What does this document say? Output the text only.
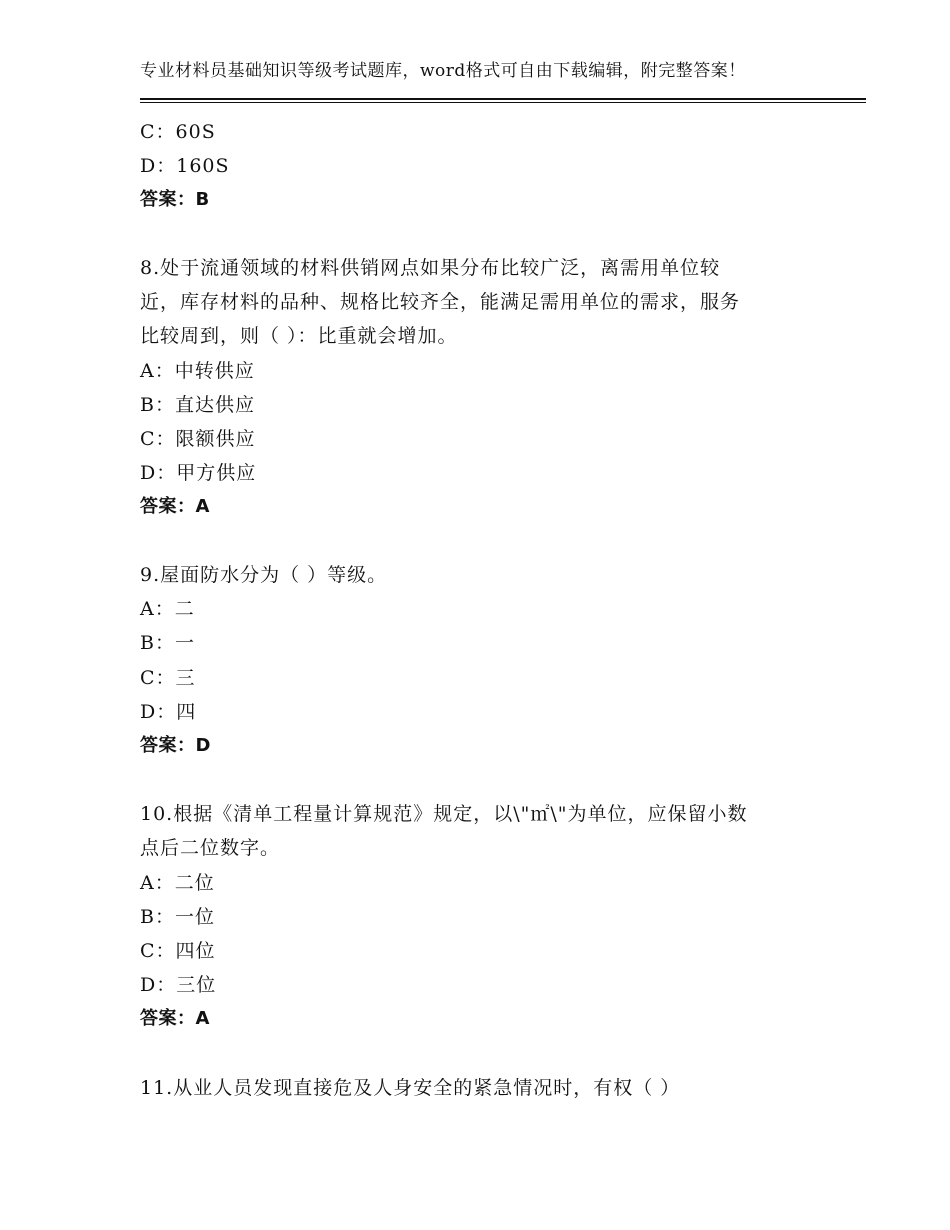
专业材料员基础知识等级考试题库，word格式可自由下载编辑，附完整答案！
C：60S
D：160S
答案：B
8.处于流通领域的材料供销网点如果分布比较广泛，离需用单位较
近，库存材料的品种、规格比较齐全，能满足需用单位的需求，服务
比较周到，则（ ）：比重就会增加。
A：中转供应
B：直达供应
C：限额供应
D：甲方供应
答案：A
9.屋面防水分为（ ）等级。
A：二
B：一
C：三
D：四
答案：D
10.根据《清单工程量计算规范》规定，以\"㎡\"为单位，应保留小数
点后二位数字。
A：二位
B：一位
C：四位
D：三位
答案：A
11.从业人员发现直接危及人身安全的紧急情况时，有权（ ）
